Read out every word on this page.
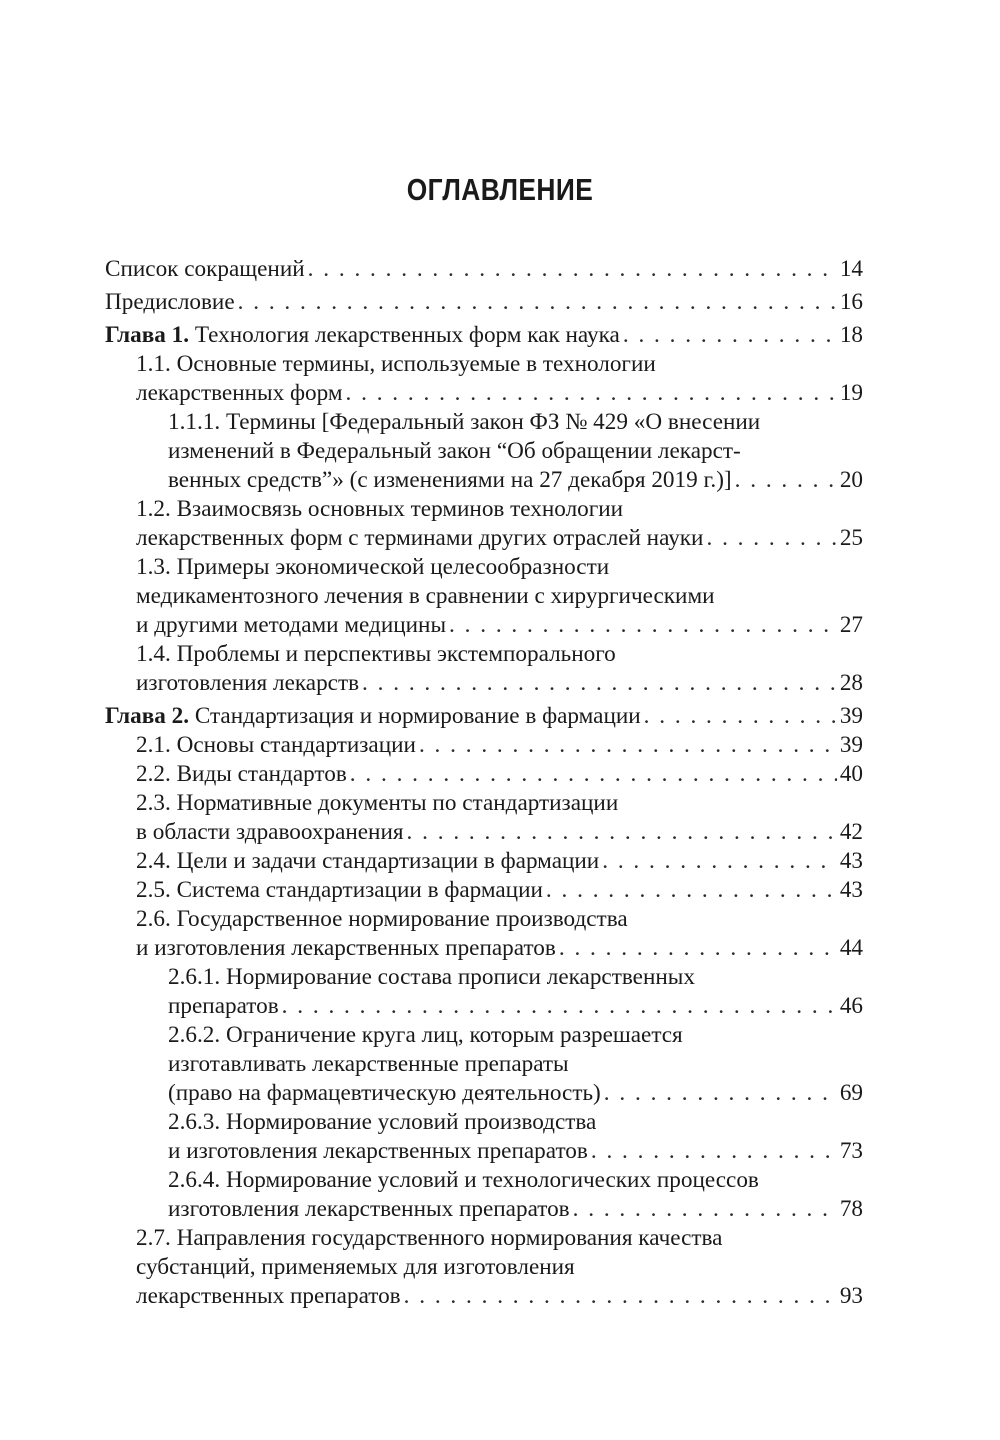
ОГЛАВЛЕНИЕ
Список сокращений . . .	14
Предисловие . . .	16
Глава 1. Технология лекарственных форм как наука . . .	18
1.1. Основные термины, используемые в технологии
лекарственных форм . . .	19
1.1.1. Термины [Федеральный закон ФЗ № 429 «О внесении
изменений в Федеральный закон “Об обращении лекарст-
венных средств”» (с изменениями на 27 декабря 2019 г.)] . . .	20
1.2. Взаимосвязь основных терминов технологии
лекарственных форм с терминами других отраслей науки . . .	25
1.3. Примеры экономической целесообразности
медикаментозного лечения в сравнении с хирургическими
и другими методами медицины . . .	27
1.4. Проблемы и перспективы экстемпорального
изготовления лекарств . . .	28
Глава 2. Стандартизация и нормирование в фармации . . .	39
2.1. Основы стандартизации . . .	39
2.2. Виды стандартов . . .	40
2.3. Нормативные документы по стандартизации
в области здравоохранения . . .	42
2.4. Цели и задачи стандартизации в фармации . . .	43
2.5. Система стандартизации в фармации . . .	43
2.6. Государственное нормирование производства
и изготовления лекарственных препаратов . . .	44
2.6.1. Нормирование состава прописи лекарственных
препаратов . . .	46
2.6.2. Ограничение круга лиц, которым разрешается
изготавливать лекарственные препараты
(право на фармацевтическую деятельность) . . .	69
2.6.3. Нормирование условий производства
и изготовления лекарственных препаратов . . .	73
2.6.4. Нормирование условий и технологических процессов
изготовления лекарственных препаратов . . .	78
2.7. Направления государственного нормирования качества
субстанций, применяемых для изготовления
лекарственных препаратов . . .	93
